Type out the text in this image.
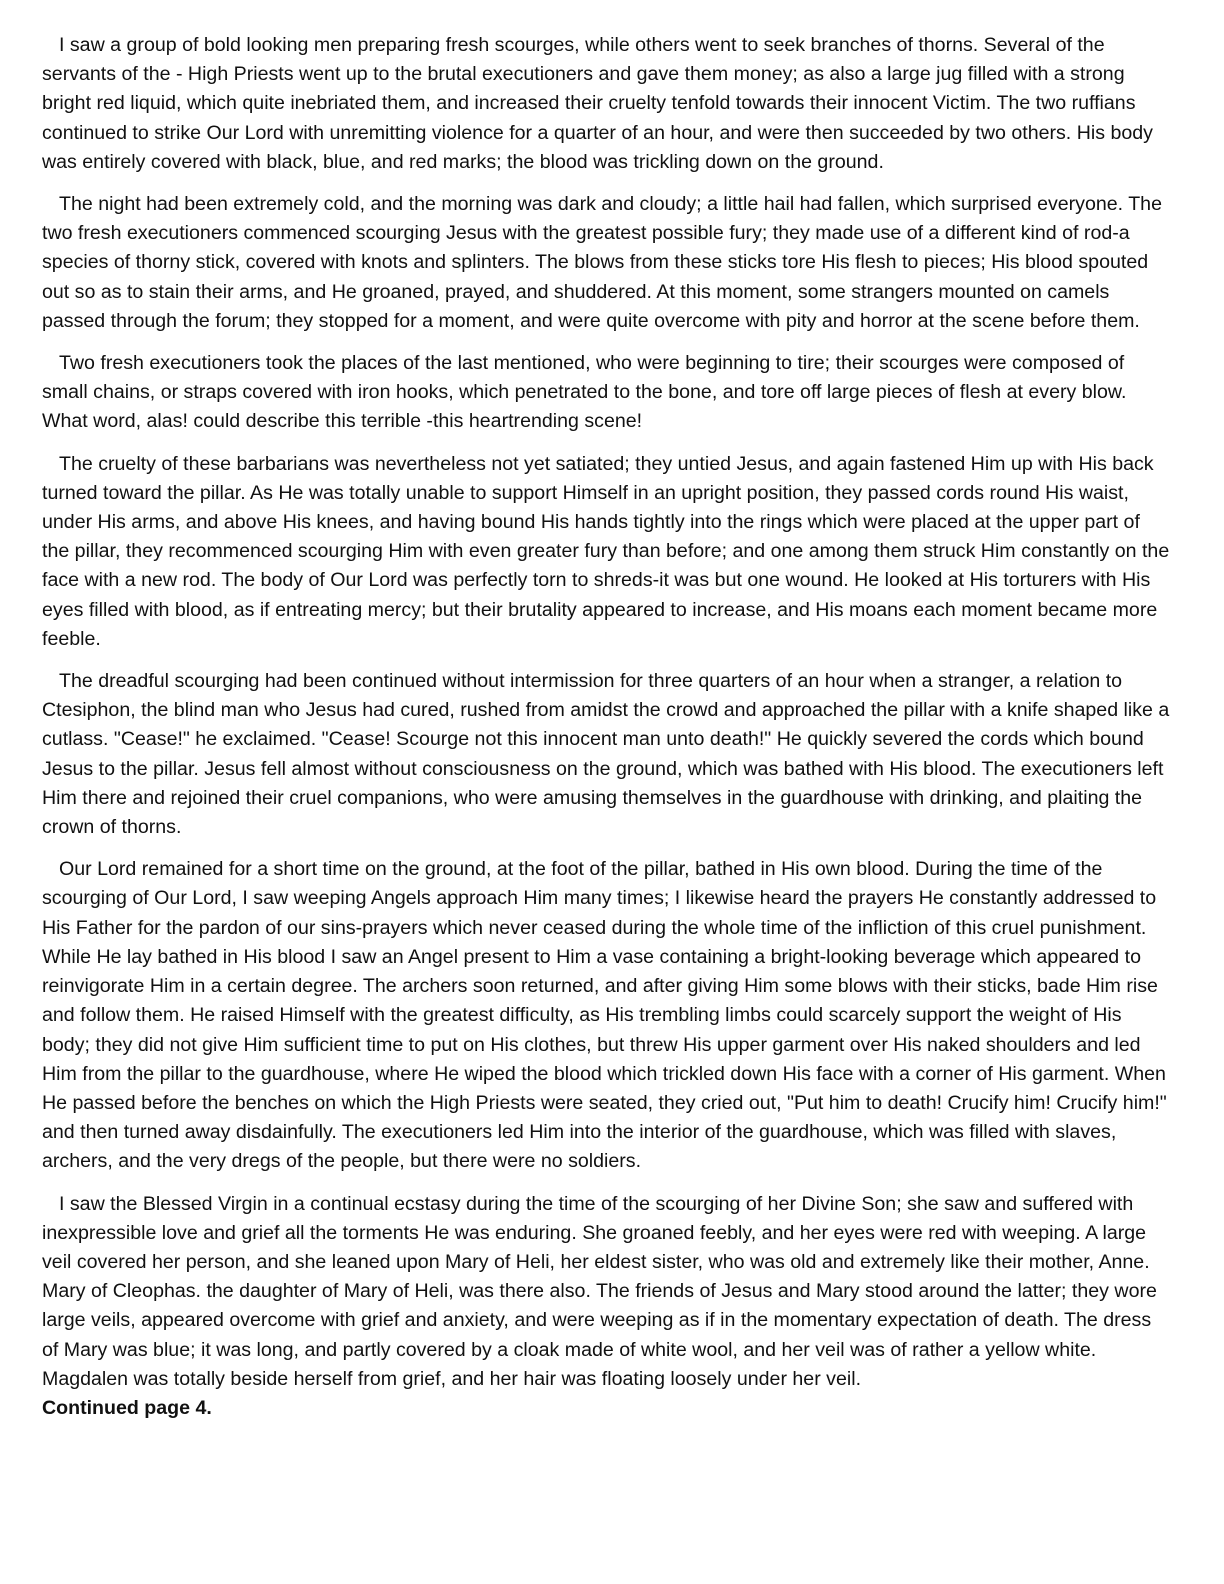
I saw a group of bold looking men preparing fresh scourges, while others went to seek branches of thorns. Several of the servants of the - High Priests went up to the brutal executioners and gave them money; as also a large jug filled with a strong bright red liquid, which quite inebriated them, and increased their cruelty tenfold towards their innocent Victim. The two ruffians continued to strike Our Lord with unremitting violence for a quarter of an hour, and were then succeeded by two others. His body was entirely covered with black, blue, and red marks; the blood was trickling down on the ground.

The night had been extremely cold, and the morning was dark and cloudy; a little hail had fallen, which surprised everyone. The two fresh executioners commenced scourging Jesus with the greatest possible fury; they made use of a different kind of rod-a species of thorny stick, covered with knots and splinters. The blows from these sticks tore His flesh to pieces; His blood spouted out so as to stain their arms, and He groaned, prayed, and shuddered. At this moment, some strangers mounted on camels passed through the forum; they stopped for a moment, and were quite overcome with pity and horror at the scene before them.

Two fresh executioners took the places of the last mentioned, who were beginning to tire; their scourges were composed of small chains, or straps covered with iron hooks, which penetrated to the bone, and tore off large pieces of flesh at every blow. What word, alas! could describe this terrible -this heartrending scene!

The cruelty of these barbarians was nevertheless not yet satiated; they untied Jesus, and again fastened Him up with His back turned toward the pillar. As He was totally unable to support Himself in an upright position, they passed cords round His waist, under His arms, and above His knees, and having bound His hands tightly into the rings which were placed at the upper part of the pillar, they recommenced scourging Him with even greater fury than before; and one among them struck Him constantly on the face with a new rod. The body of Our Lord was perfectly torn to shreds-it was but one wound. He looked at His torturers with His eyes filled with blood, as if entreating mercy; but their brutality appeared to increase, and His moans each moment became more feeble.

The dreadful scourging had been continued without intermission for three quarters of an hour when a stranger, a relation to Ctesiphon, the blind man who Jesus had cured, rushed from amidst the crowd and approached the pillar with a knife shaped like a cutlass. "Cease!" he exclaimed. "Cease! Scourge not this innocent man unto death!" He quickly severed the cords which bound Jesus to the pillar. Jesus fell almost without consciousness on the ground, which was bathed with His blood. The executioners left Him there and rejoined their cruel companions, who were amusing themselves in the guardhouse with drinking, and plaiting the crown of thorns.

Our Lord remained for a short time on the ground, at the foot of the pillar, bathed in His own blood. During the time of the scourging of Our Lord, I saw weeping Angels approach Him many times; I likewise heard the prayers He constantly addressed to His Father for the pardon of our sins-prayers which never ceased during the whole time of the infliction of this cruel punishment. While He lay bathed in His blood I saw an Angel present to Him a vase containing a bright-looking beverage which appeared to reinvigorate Him in a certain degree. The archers soon returned, and after giving Him some blows with their sticks, bade Him rise and follow them. He raised Himself with the greatest difficulty, as His trembling limbs could scarcely support the weight of His body; they did not give Him sufficient time to put on His clothes, but threw His upper garment over His naked shoulders and led Him from the pillar to the guardhouse, where He wiped the blood which trickled down His face with a corner of His garment. When He passed before the benches on which the High Priests were seated, they cried out, "Put him to death! Crucify him! Crucify him!" and then turned away disdainfully. The executioners led Him into the interior of the guardhouse, which was filled with slaves, archers, and the very dregs of the people, but there were no soldiers.

I saw the Blessed Virgin in a continual ecstasy during the time of the scourging of her Divine Son; she saw and suffered with inexpressible love and grief all the torments He was enduring. She groaned feebly, and her eyes were red with weeping. A large veil covered her person, and she leaned upon Mary of Heli, her eldest sister, who was old and extremely like their mother, Anne. Mary of Cleophas. the daughter of Mary of Heli, was there also. The friends of Jesus and Mary stood around the latter; they wore large veils, appeared overcome with grief and anxiety, and were weeping as if in the momentary expectation of death. The dress of Mary was blue; it was long, and partly covered by a cloak made of white wool, and her veil was of rather a yellow white. Magdalen was totally beside herself from grief, and her hair was floating loosely under her veil.

Continued page 4.
